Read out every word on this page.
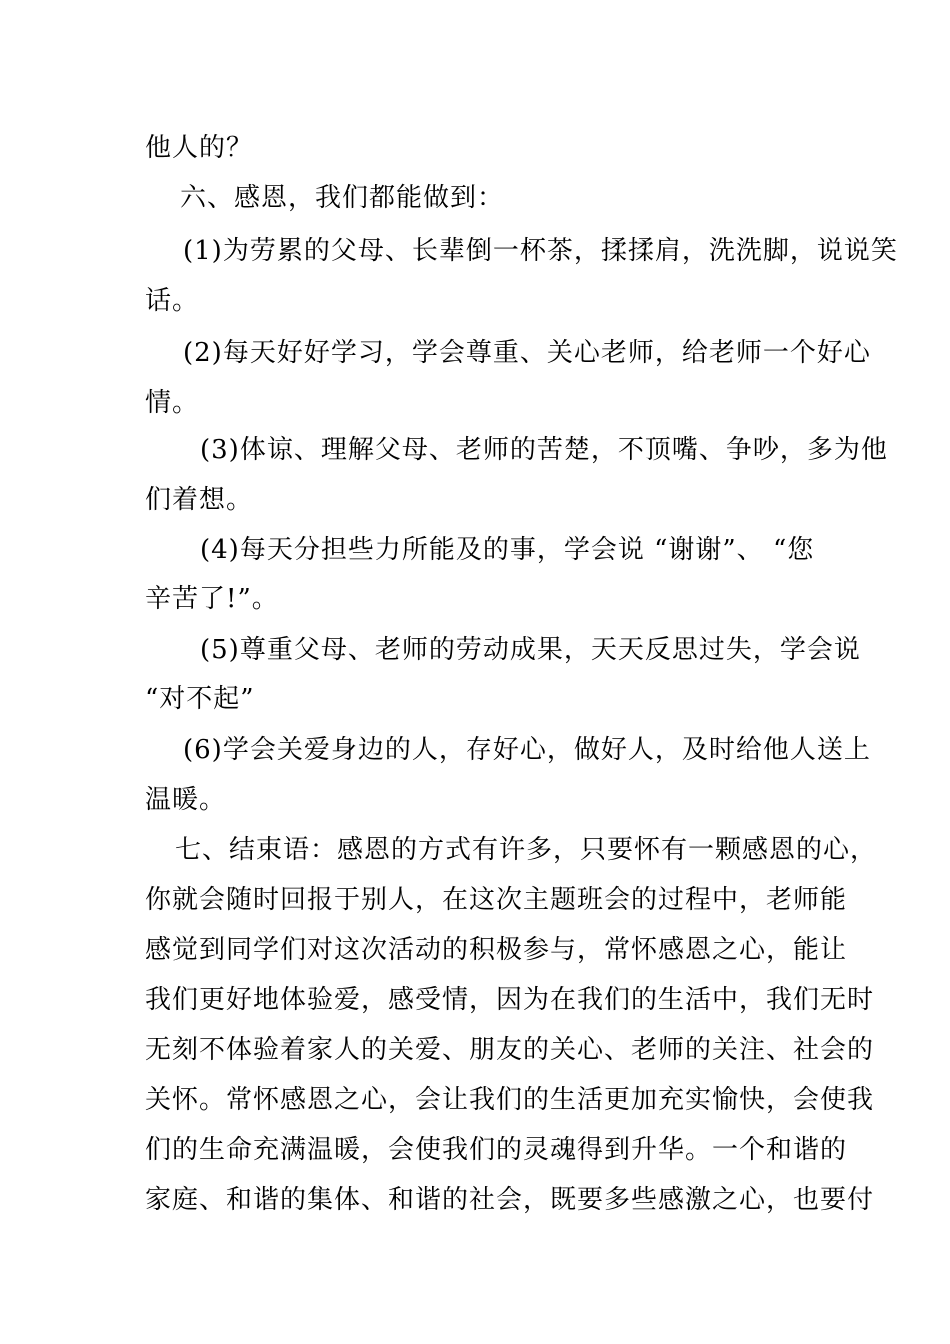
他人的？
六、感恩，我们都能做到：
(1)为劳累的父母、长辈倒一杯茶，揉揉肩，洗洗脚，说说笑
话。
(2)每天好好学习，学会尊重、关心老师，给老师一个好心
情。
(3)体谅、理解父母、老师的苦楚，不顶嘴、争吵，多为他
们着想。
(4)每天分担些力所能及的事，学会说 “谢谢”、 “您
辛苦了!”。
(5)尊重父母、老师的劳动成果，天天反思过失，学会说
“对不起”
(6)学会关爱身边的人，存好心，做好人，及时给他人送上
温暖。
七、结束语：感恩的方式有许多，只要怀有一颗感恩的心，
你就会随时回报于别人，在这次主题班会的过程中，老师能
感觉到同学们对这次活动的积极参与，常怀感恩之心，能让
我们更好地体验爱，感受情，因为在我们的生活中，我们无时
无刻不体验着家人的关爱、朋友的关心、老师的关注、社会的
关怀。常怀感恩之心，会让我们的生活更加充实愉快，会使我
们的生命充满温暖，会使我们的灵魂得到升华。一个和谐的
家庭、和谐的集体、和谐的社会，既要多些感激之心，也要付
